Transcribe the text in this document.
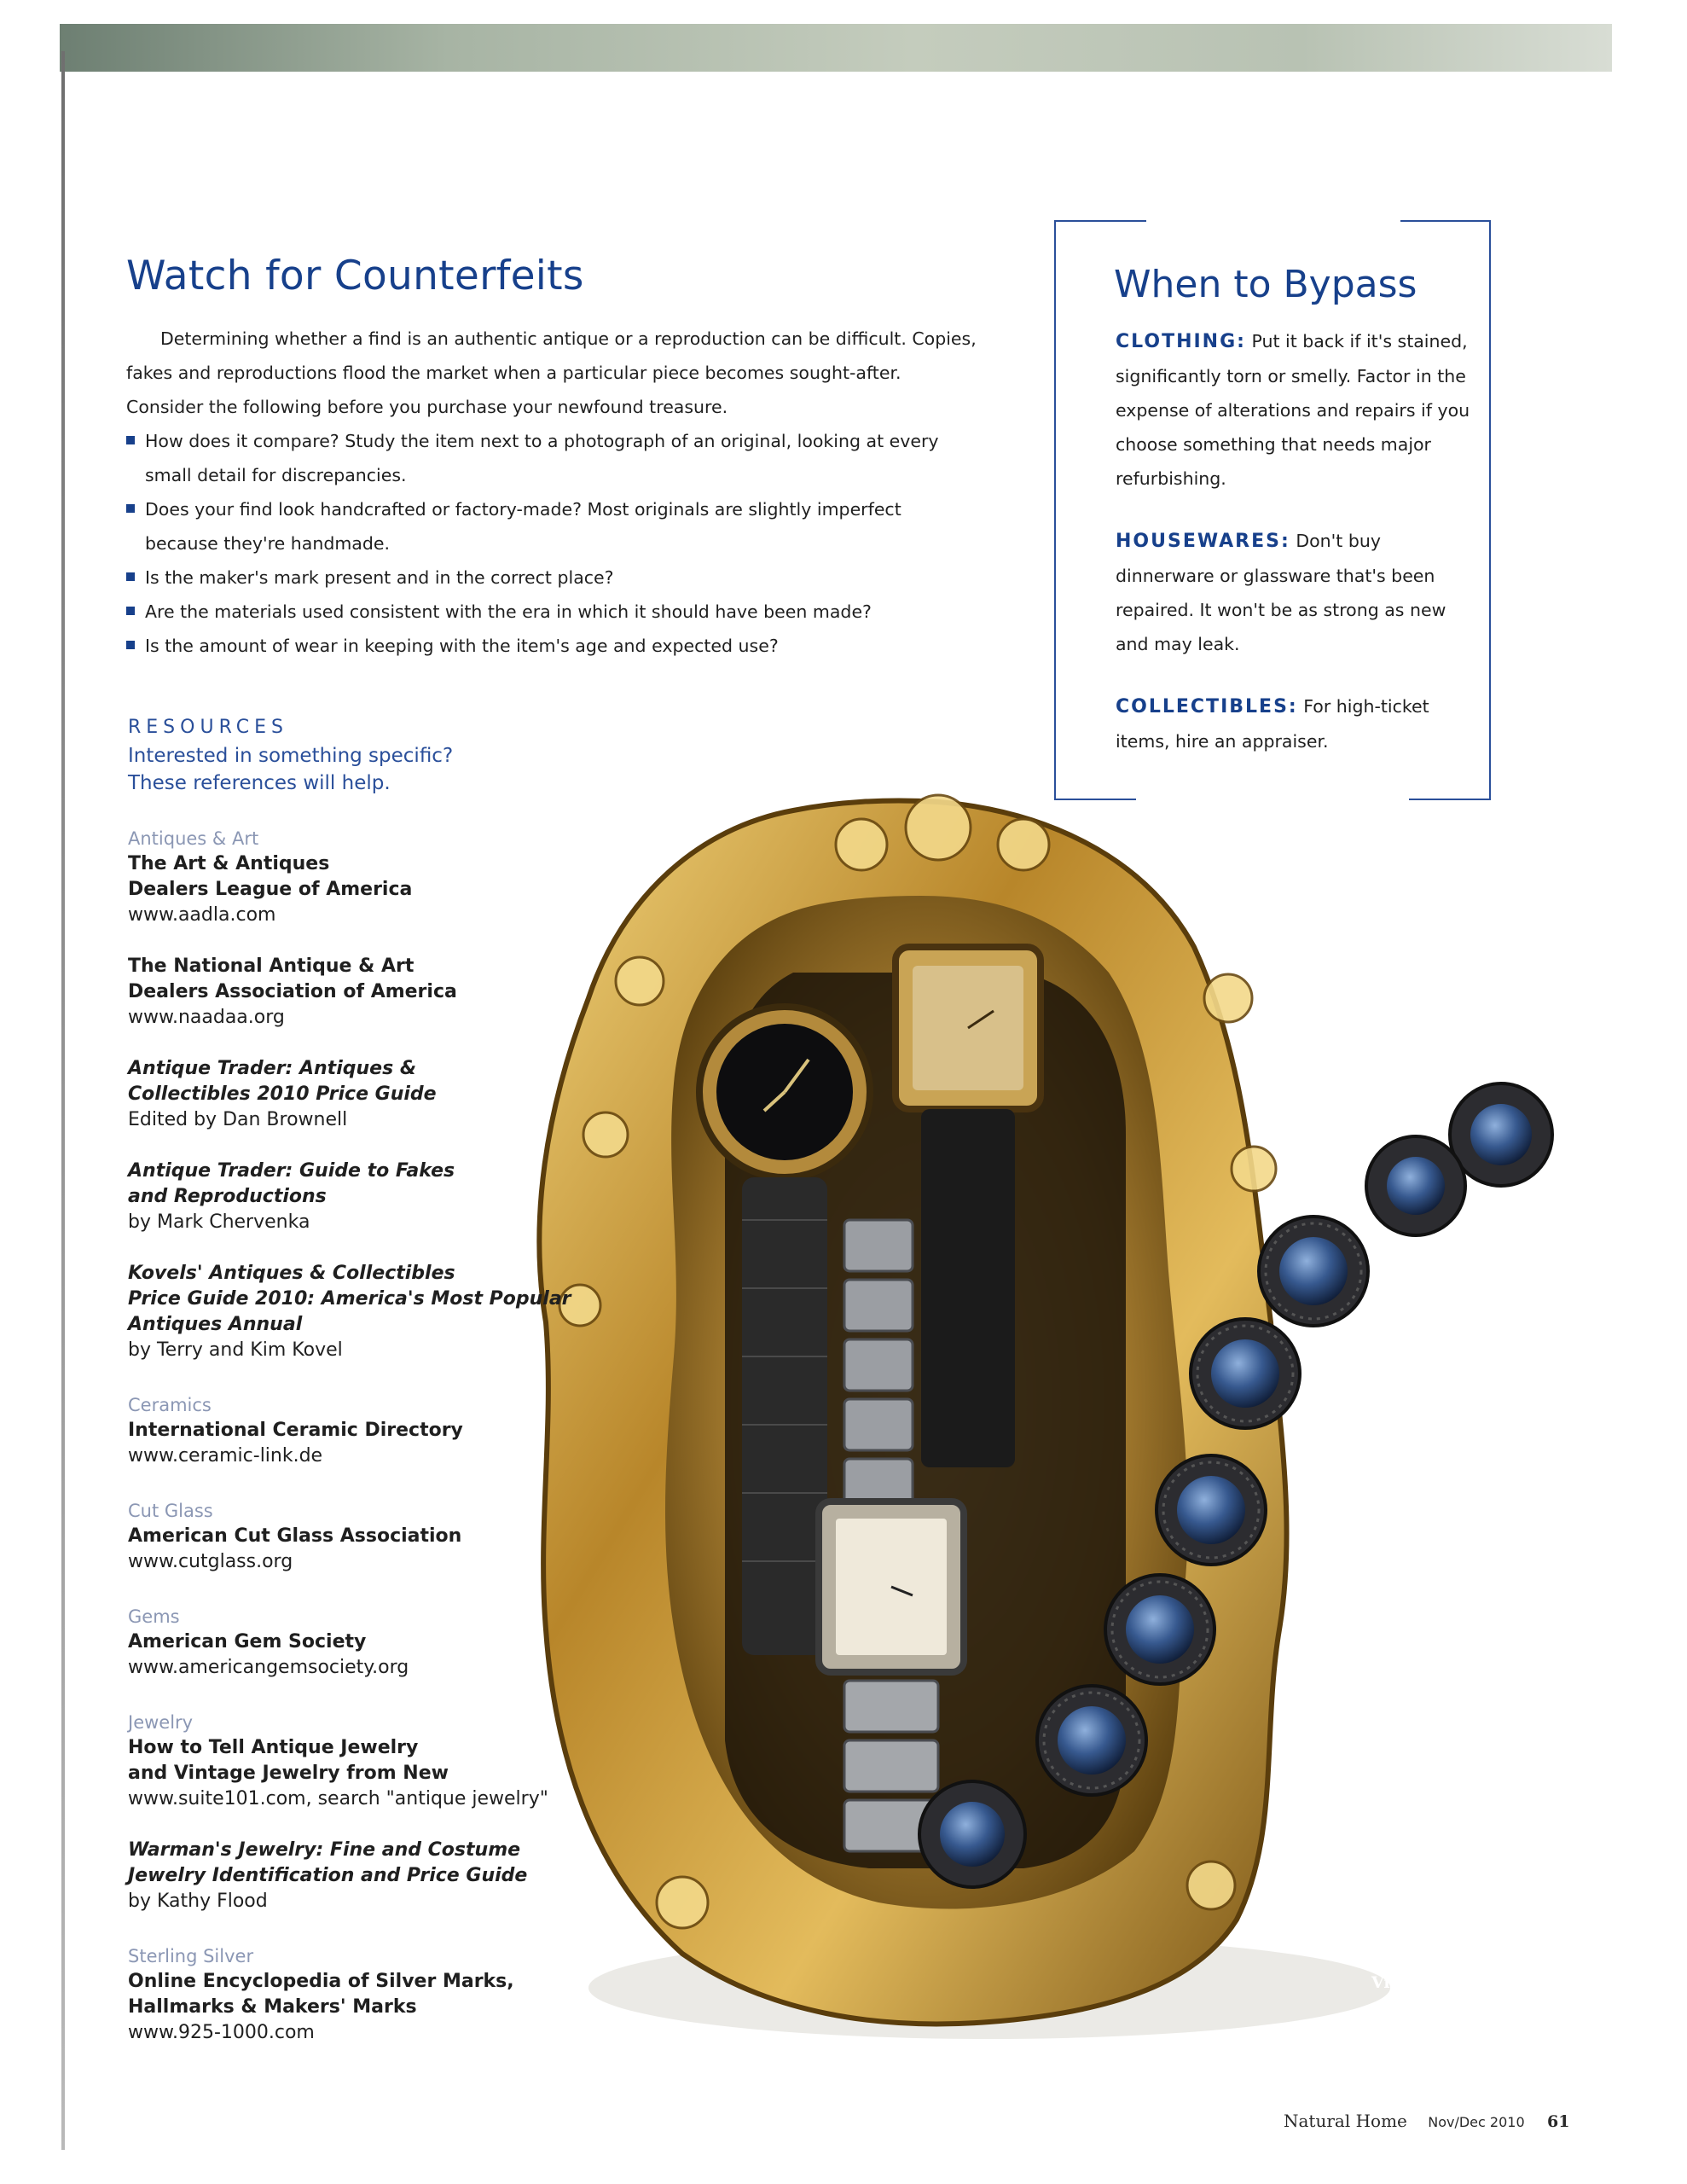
Watch for Counterfeits

Determining whether a find is an authentic antique or a reproduction can be difficult. Copies, fakes and reproductions flood the market when a particular piece becomes sought-after. Consider the following before you purchase your newfound treasure.

How does it compare? Study the item next to a photograph of an original, looking at every small detail for discrepancies.
Does your find look handcrafted or factory-made? Most originals are slightly imperfect because they're handmade.
Is the maker's mark present and in the correct place?
Are the materials used consistent with the era in which it should have been made?
Is the amount of wear in keeping with the item's age and expected use?
When to Bypass
CLOTHING: Put it back if it's stained, significantly torn or smelly. Factor in the expense of alterations and repairs if you choose something that needs major refurbishing.
HOUSEWARES: Don't buy dinnerware or glassware that's been repaired. It won't be as strong as new and may leak.
COLLECTIBLES: For high-ticket items, hire an appraiser.
RESOURCES
Interested in something specific?
These references will help.
Antiques & Art
The Art & Antiques
Dealers League of America
www.aadla.com
The National Antique & Art
Dealers Association of America
www.naadaa.org
Antique Trader: Antiques &
Collectibles 2010 Price Guide
Edited by Dan Brownell
Antique Trader: Guide to Fakes
and Reproductions
by Mark Chervenka
Kovels' Antiques & Collectibles
Price Guide 2010: America's Most Popular
Antiques Annual
by Terry and Kim Kovel
Ceramics
International Ceramic Directory
www.ceramic-link.de
Cut Glass
American Cut Glass Association
www.cutglass.org
Gems
American Gem Society
www.americangemsociety.org
Jewelry
How to Tell Antique Jewelry
and Vintage Jewelry from New
www.suite101.com, search "antique jewelry"
Warman's Jewelry: Fine and Costume
Jewelry Identification and Price Guide
by Kathy Flood
Sterling Silver
Online Encyclopedia of Silver Marks,
Hallmarks & Makers' Marks
www.925-1000.com
Vintage butter dishes
make great jewelry
and watch holders.
Natural Home Nov/Dec 2010 61
